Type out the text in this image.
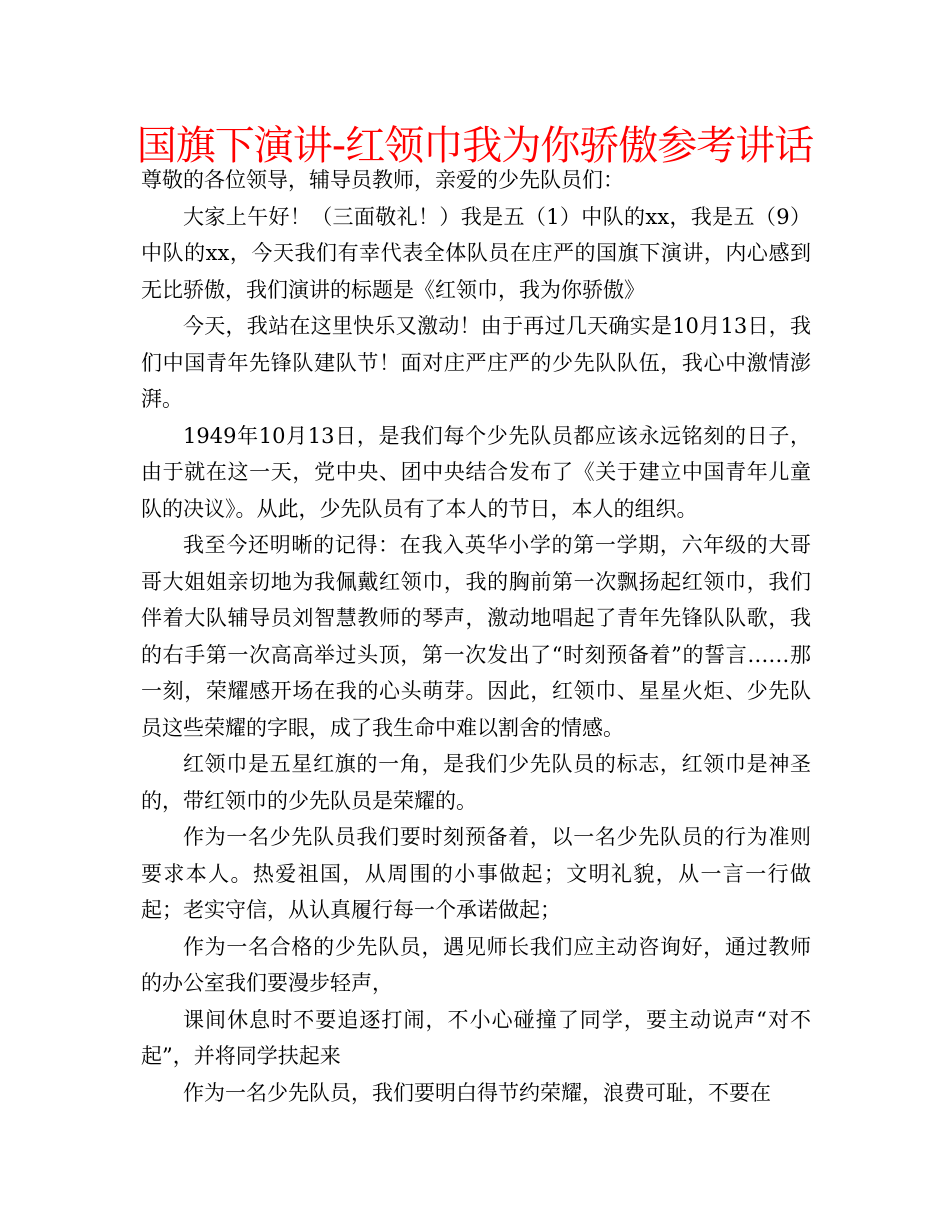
国旗下演讲-红领巾我为你骄傲参考讲话

尊敬的各位领导，辅导员教师，亲爱的少先队员们：

大家上午好！（三面敬礼！）我是五（1）中队的xx，我是五（9）中队的xx，今天我们有幸代表全体队员在庄严的国旗下演讲，内心感到无比骄傲，我们演讲的标题是《红领巾，我为你骄傲》

今天，我站在这里快乐又激动！由于再过几天确实是10月13日，我们中国青年先锋队建队节！面对庄严庄严的少先队队伍，我心中激情澎湃。

1949年10月13日，是我们每个少先队员都应该永远铭刻的日子，由于就在这一天，党中央、团中央结合发布了《关于建立中国青年儿童队的决议》。从此，少先队员有了本人的节日，本人的组织。

我至今还明晰的记得：在我入英华小学的第一学期，六年级的大哥哥大姐姐亲切地为我佩戴红领巾，我的胸前第一次飘扬起红领巾，我们伴着大队辅导员刘智慧教师的琴声，激动地唱起了青年先锋队队歌，我的右手第一次高高举过头顶，第一次发出了“时刻预备着”的誓言……那一刻，荣耀感开场在我的心头萌芽。因此，红领巾、星星火炬、少先队员这些荣耀的字眼，成了我生命中难以割舍的情感。

红领巾是五星红旗的一角，是我们少先队员的标志，红领巾是神圣的，带红领巾的少先队员是荣耀的。

作为一名少先队员我们要时刻预备着，以一名少先队员的行为准则要求本人。热爱祖国，从周围的小事做起；文明礼貌，从一言一行做起；老实守信，从认真履行每一个承诺做起；

作为一名合格的少先队员，遇见师长我们应主动咨询好，通过教师的办公室我们要漫步轻声，

课间休息时不要追逐打闹，不小心碰撞了同学，要主动说声“对不起”，并将同学扶起来

作为一名少先队员，我们要明白得节约荣耀，浪费可耻，不要在
